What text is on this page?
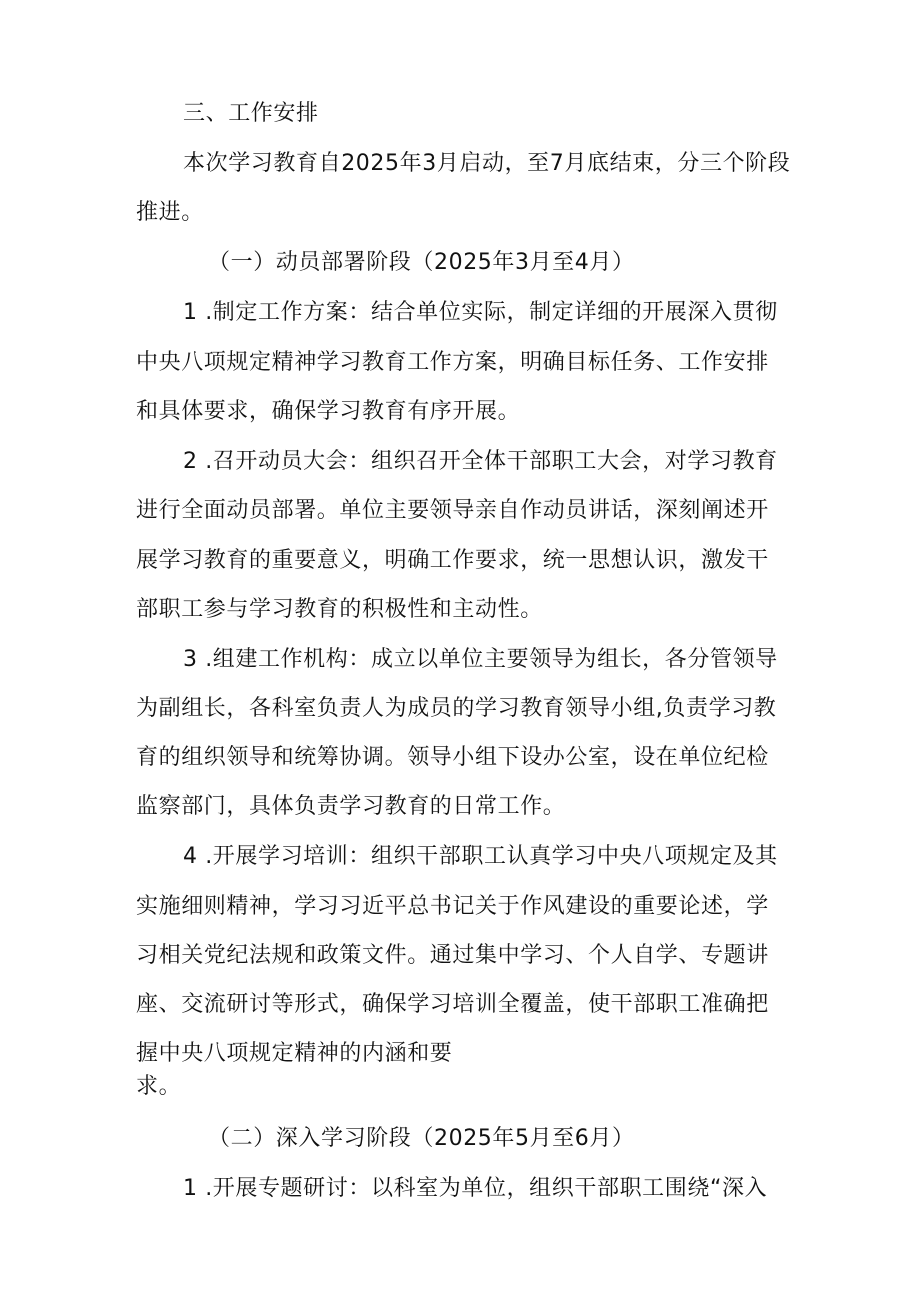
三、工作安排
本次学习教育自2025年3月启动，至7月底结束，分三个阶段
推进。
（一）动员部署阶段（2025年3月至4月）
1 .制定工作方案：结合单位实际，制定详细的开展深入贯彻
中央八项规定精神学习教育工作方案，明确目标任务、工作安排
和具体要求，确保学习教育有序开展。
2 .召开动员大会：组织召开全体干部职工大会，对学习教育
进行全面动员部署。单位主要领导亲自作动员讲话，深刻阐述开
展学习教育的重要意义，明确工作要求，统一思想认识，激发干
部职工参与学习教育的积极性和主动性。
3 .组建工作机构：成立以单位主要领导为组长，各分管领导
为副组长，各科室负责人为成员的学习教育领导小组,负责学习教
育的组织领导和统筹协调。领导小组下设办公室，设在单位纪检
监察部门，具体负责学习教育的日常工作。
4 .开展学习培训：组织干部职工认真学习中央八项规定及其
实施细则精神，学习习近平总书记关于作风建设的重要论述，学
习相关党纪法规和政策文件。通过集中学习、个人自学、专题讲
座、交流研讨等形式，确保学习培训全覆盖，使干部职工准确把
握中央八项规定精神的内涵和要
求。
（二）深入学习阶段（2025年5月至6月）
1 .开展专题研讨：以科室为单位，组织干部职工围绕“深入
